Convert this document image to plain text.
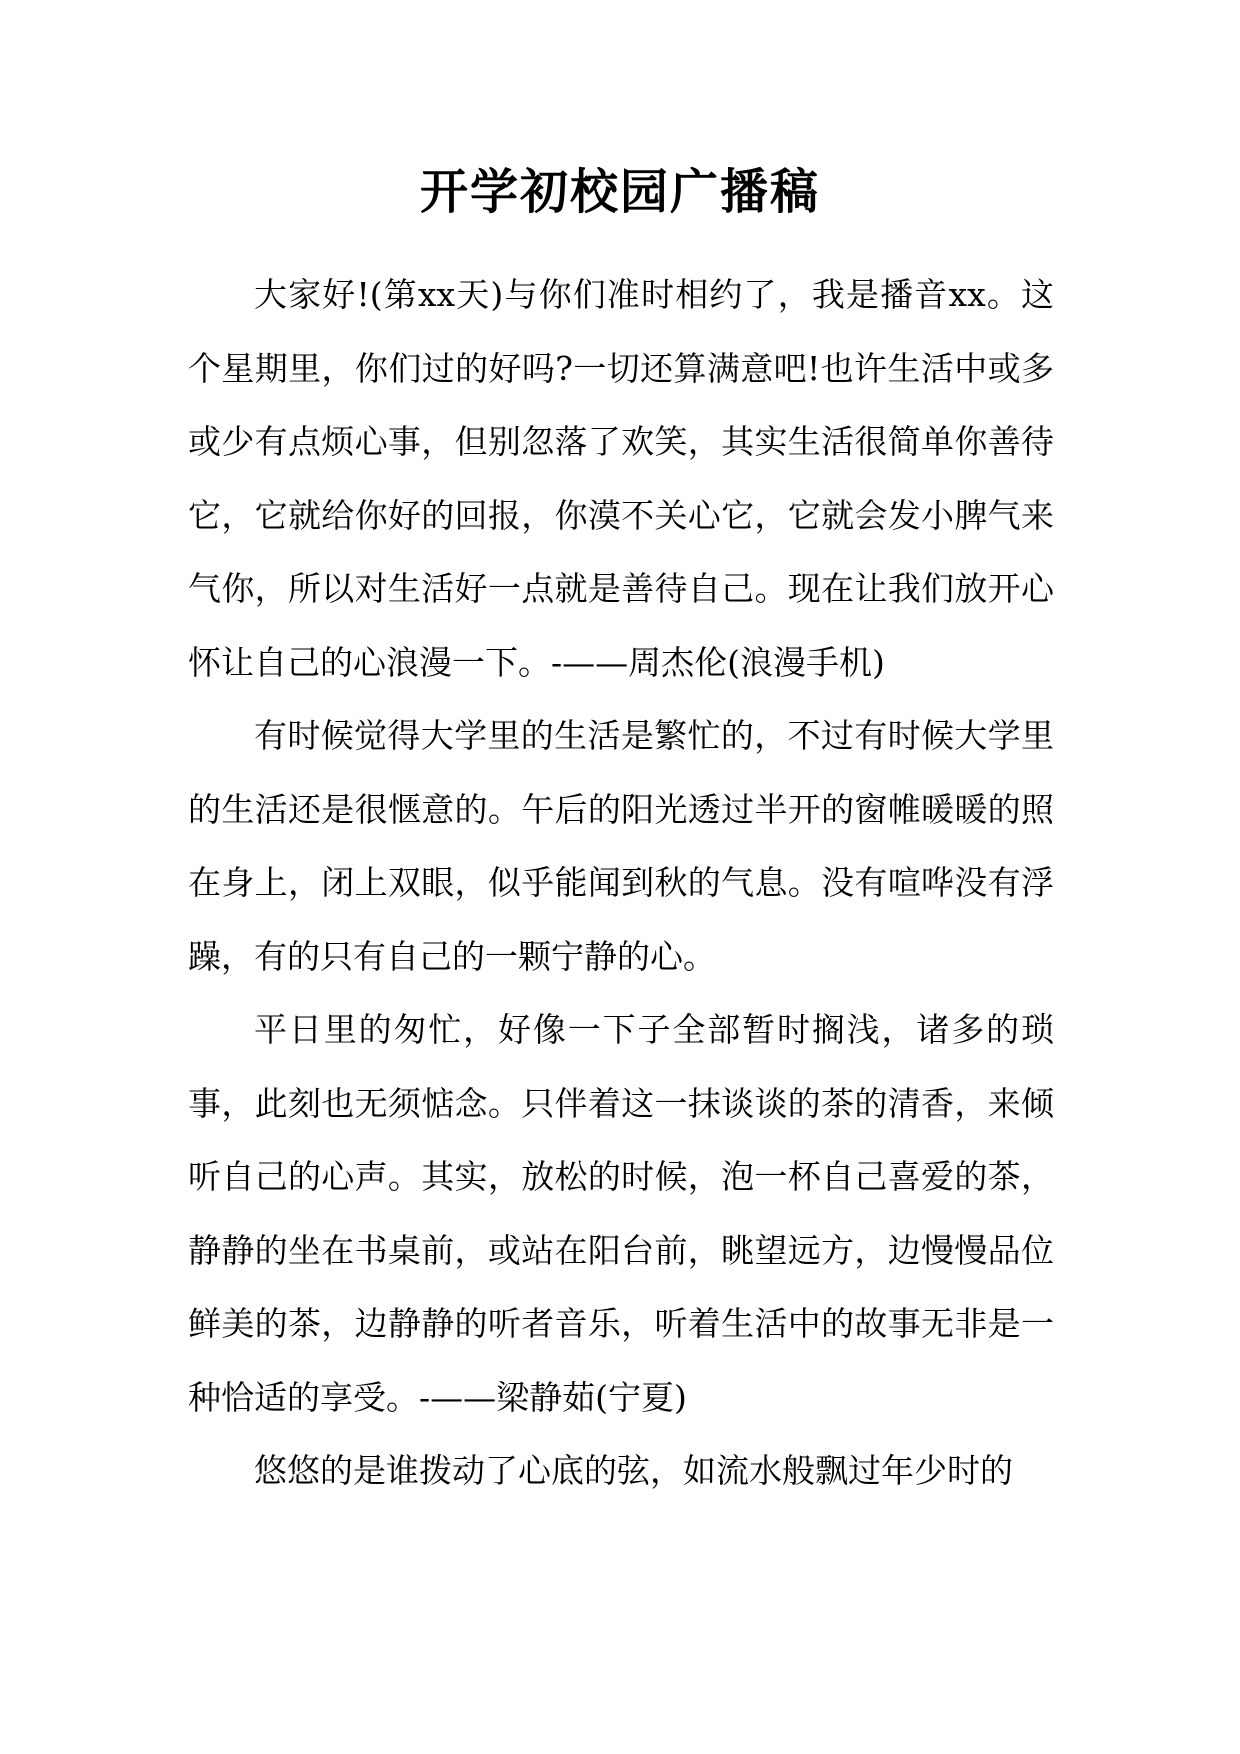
开学初校园广播稿

大家好!(第xx天)与你们准时相约了，我是播音xx。这个星期里，你们过的好吗?一切还算满意吧!也许生活中或多或少有点烦心事，但别忽落了欢笑，其实生活很简单你善待它，它就给你好的回报，你漠不关心它，它就会发小脾气来气你，所以对生活好一点就是善待自己。现在让我们放开心怀让自己的心浪漫一下。-——周杰伦(浪漫手机)

有时候觉得大学里的生活是繁忙的，不过有时候大学里的生活还是很惬意的。午后的阳光透过半开的窗帷暖暖的照在身上，闭上双眼，似乎能闻到秋的气息。没有喧哗没有浮躁，有的只有自己的一颗宁静的心。

平日里的匆忙，好像一下子全部暂时搁浅，诸多的琐事，此刻也无须惦念。只伴着这一抹谈谈的茶的清香，来倾听自己的心声。其实，放松的时候，泡一杯自己喜爱的茶，静静的坐在书桌前，或站在阳台前，眺望远方，边慢慢品位鲜美的茶，边静静的听者音乐，听着生活中的故事无非是一种恰适的享受。-——梁静茹(宁夏)

悠悠的是谁拨动了心底的弦，如流水般飘过年少时的
